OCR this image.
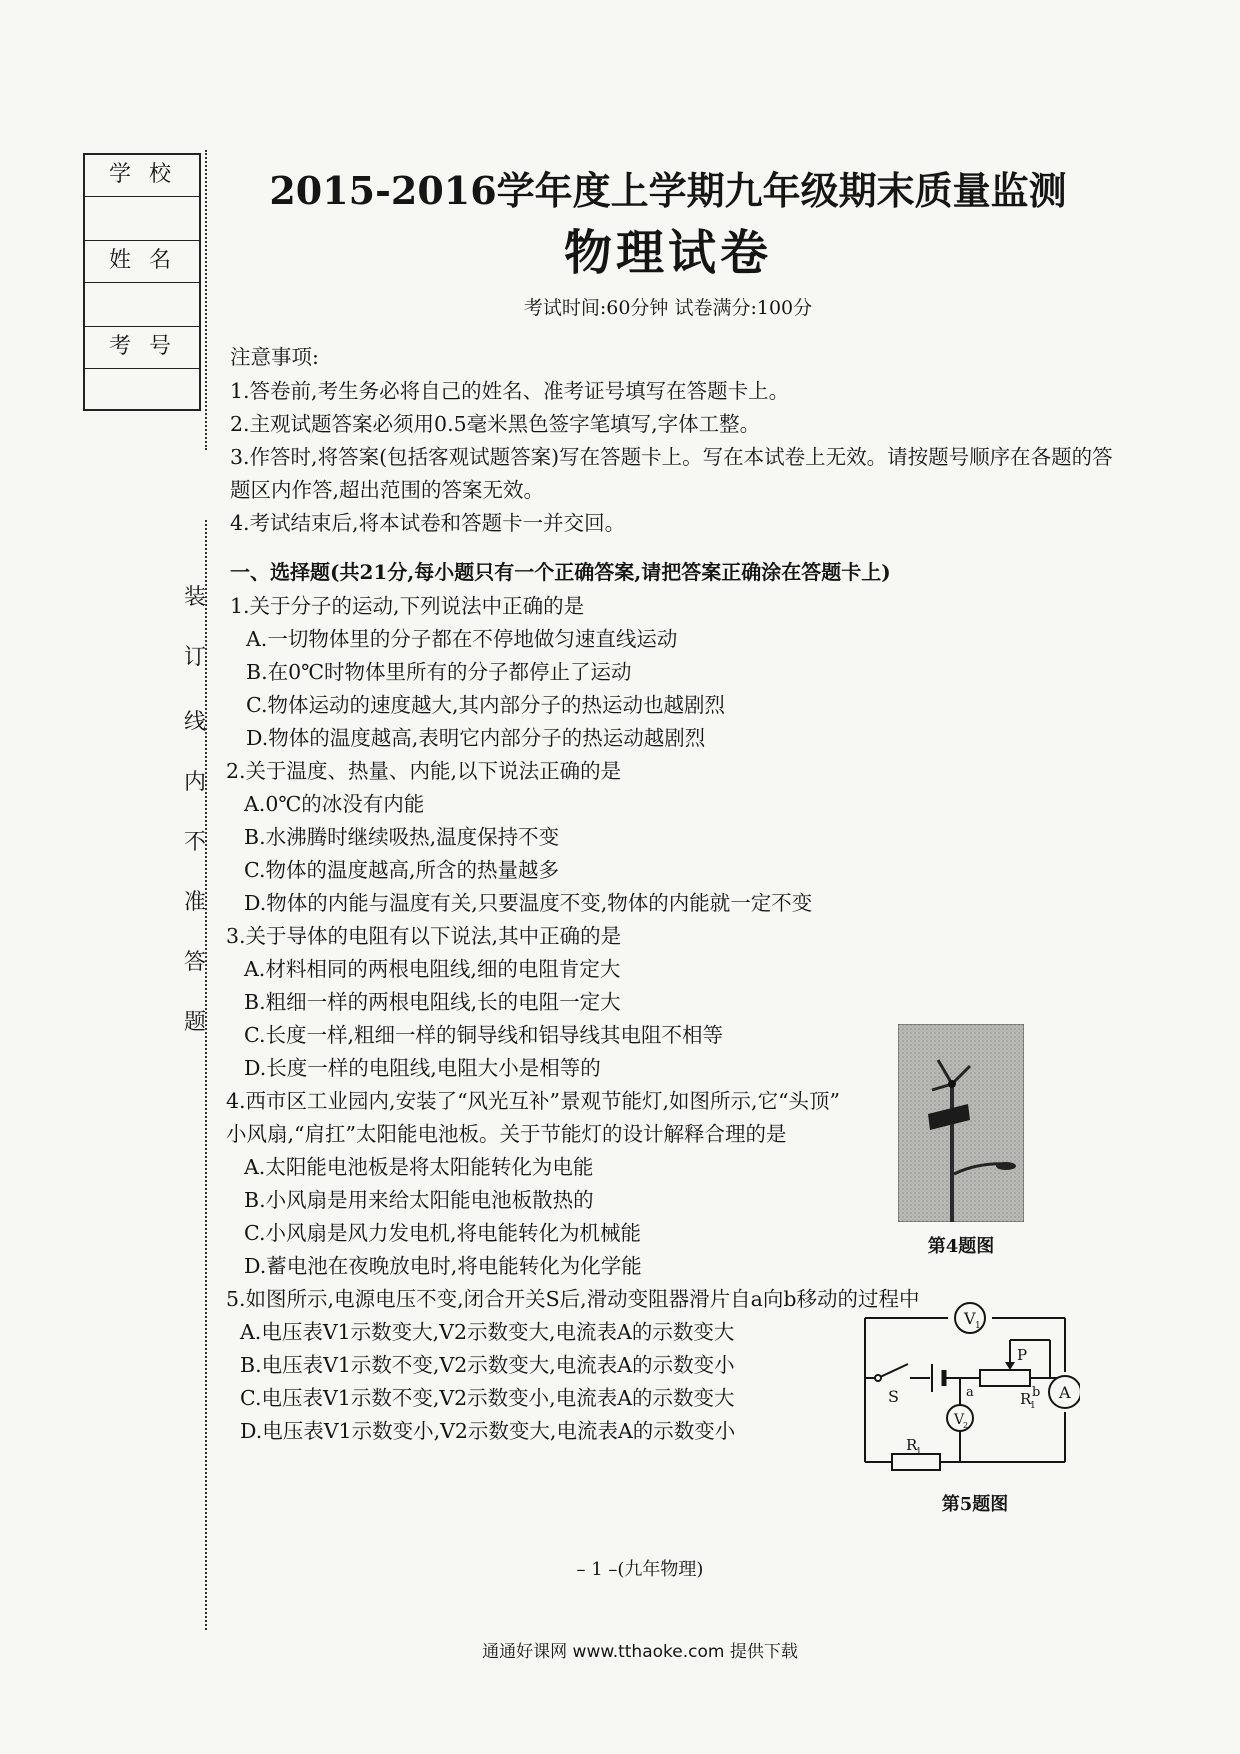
学校
姓名
考号
装
订
线
内
不
准
答
题
2015-2016学年度上学期九年级期末质量监测
物理试卷
考试时间:60分钟 试卷满分:100分
注意事项:
1.答卷前,考生务必将自己的姓名、准考证号填写在答题卡上。
2.主观试题答案必须用0.5毫米黑色签字笔填写,字体工整。
3.作答时,将答案(包括客观试题答案)写在答题卡上。写在本试卷上无效。请按题号顺序在各题的答
题区内作答,超出范围的答案无效。
4.考试结束后,将本试卷和答题卡一并交回。
一、选择题(共21分,每小题只有一个正确答案,请把答案正确涂在答题卡上)
1.关于分子的运动,下列说法中正确的是
A.一切物体里的分子都在不停地做匀速直线运动
B.在0℃时物体里所有的分子都停止了运动
C.物体运动的速度越大,其内部分子的热运动也越剧烈
D.物体的温度越高,表明它内部分子的热运动越剧烈
2.关于温度、热量、内能,以下说法正确的是
A.0℃的冰没有内能
B.水沸腾时继续吸热,温度保持不变
C.物体的温度越高,所含的热量越多
D.物体的内能与温度有关,只要温度不变,物体的内能就一定不变
3.关于导体的电阻有以下说法,其中正确的是
A.材料相同的两根电阻线,细的电阻肯定大
B.粗细一样的两根电阻线,长的电阻一定大
C.长度一样,粗细一样的铜导线和铝导线其电阻不相等
D.长度一样的电阻线,电阻大小是相等的
4.西市区工业园内,安装了“风光互补”景观节能灯,如图所示,它“头顶”
小风扇,“肩扛”太阳能电池板。关于节能灯的设计解释合理的是
A.太阳能电池板是将太阳能转化为电能
B.小风扇是用来给太阳能电池板散热的
C.小风扇是风力发电机,将电能转化为机械能
D.蓄电池在夜晚放电时,将电能转化为化学能
5.如图所示,电源电压不变,闭合开关S后,滑动变阻器滑片自a向b移动的过程中
A.电压表V1示数变大,V2示数变大,电流表A的示数变大
B.电压表V1示数不变,V2示数变大,电流表A的示数变小
C.电压表V1示数不变,V2示数变小,电流表A的示数变大
D.电压表V1示数变小,V2示数变大,电流表A的示数变小
第4题图
V 1
V
2
A
S
P
a	b
R
1
R
1
第5题图
– 1 –(九年物理)
通通好课网 www.tthaoke.com 提供下载
